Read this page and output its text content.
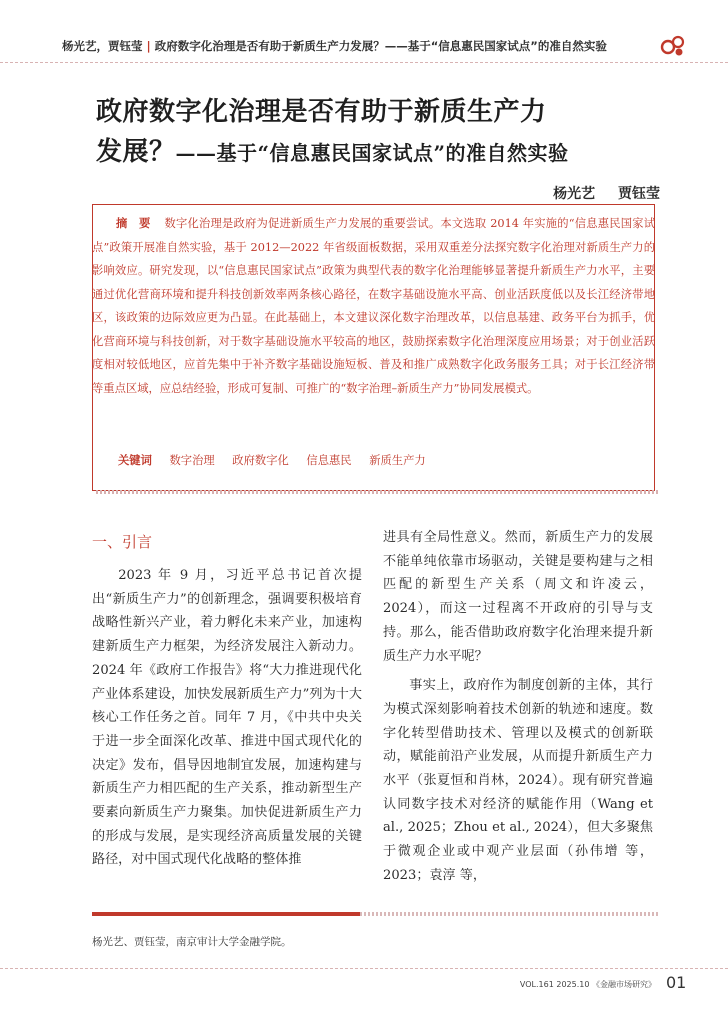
杨光艺，贾钰莹 | 政府数字化治理是否有助于新质生产力发展？——基于“信息惠民国家试点”的准自然实验
政府数字化治理是否有助于新质生产力
发展？——基于“信息惠民国家试点”的准自然实验
杨光艺 贾钰莹
摘　要 数字化治理是政府为促进新质生产力发展的重要尝试。本文选取 2014 年实施的“信息惠民国家试点”政策开展准自然实验，基于 2012—2022 年省级面板数据，采用双重差分法探究数字化治理对新质生产力的影响效应。研究发现，以“信息惠民国家试点”政策为典型代表的数字化治理能够显著提升新质生产力水平，主要通过优化营商环境和提升科技创新效率两条核心路径，在数字基础设施水平高、创业活跃度低以及长江经济带地区，该政策的边际效应更为凸显。在此基础上，本文建议深化数字治理改革，以信息基建、政务平台为抓手，优化营商环境与科技创新，对于数字基础设施水平较高的地区，鼓励探索数字化治理深度应用场景；对于创业活跃度相对较低地区，应首先集中于补齐数字基础设施短板、普及和推广成熟数字化政务服务工具；对于长江经济带等重点区域，应总结经验，形成可复制、可推广的“数字治理–新质生产力”协同发展模式。
关键词 数字治理 政府数字化 信息惠民 新质生产力
一、引言

2023 年 9 月，习近平总书记首次提出“新质生产力”的创新理念，强调要积极培育战略性新兴产业，着力孵化未来产业，加速构建新质生产力框架，为经济发展注入新动力。2024 年《政府工作报告》将“大力推进现代化产业体系建设，加快发展新质生产力”列为十大核心工作任务之首。同年 7 月，《中共中央关于进一步全面深化改革、推进中国式现代化的决定》发布，倡导因地制宜发展，加速构建与新质生产力相匹配的生产关系，推动新型生产要素向新质生产力聚集。加快促进新质生产力的形成与发展，是实现经济高质量发展的关键路径，对中国式现代化战略的整体推

进具有全局性意义。然而，新质生产力的发展不能单纯依靠市场驱动，关键是要构建与之相匹配的新型生产关系（周文和许凌云，2024），而这一过程离不开政府的引导与支持。那么，能否借助政府数字化治理来提升新质生产力水平呢？

事实上，政府作为制度创新的主体，其行为模式深刻影响着技术创新的轨迹和速度。数字化转型借助技术、管理以及模式的创新联动，赋能前沿产业发展，从而提升新质生产力水平（张夏恒和肖林，2024）。现有研究普遍认同数字技术对经济的赋能作用（Wang et al., 2025；Zhou et al., 2024），但大多聚焦于微观企业或中观产业层面（孙伟增 等，2023；袁淳 等，

杨光艺、贾钰莹，南京审计大学金融学院。
VOL.161 2025.10 《金融市场研究》 01
